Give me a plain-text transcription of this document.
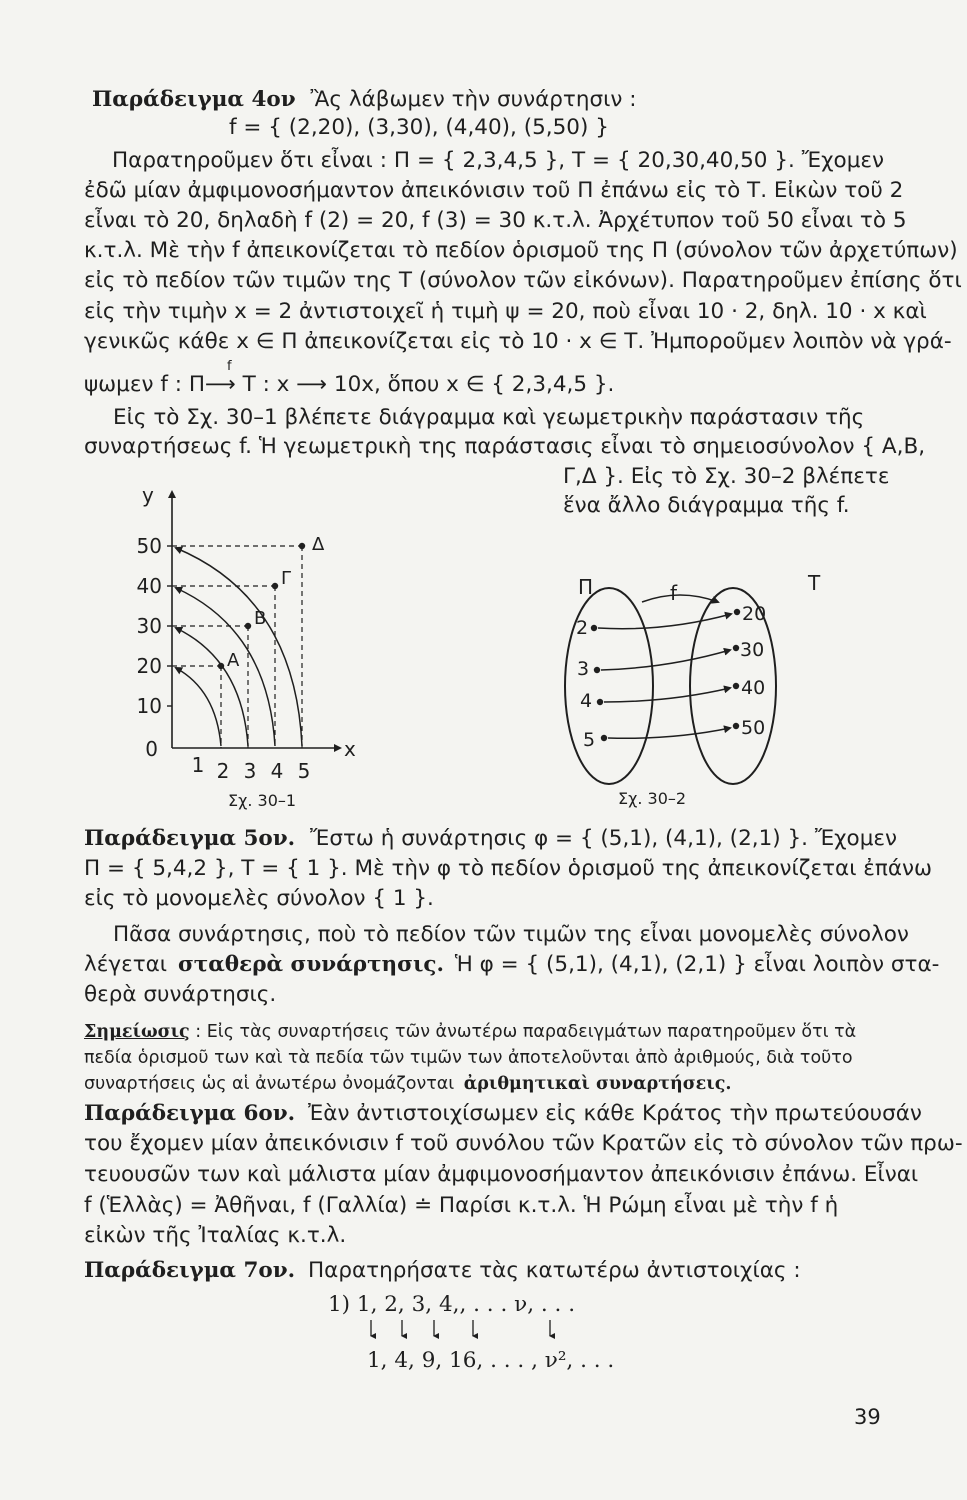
Παράδειγμα 4ον Ἂς λάβωμεν τὴν συνάρτησιν :
f = { (2,20), (3,30), (4,40), (5,50) }
Παρατηροῦμεν ὅτι εἶναι : Π = { 2,3,4,5 }, Τ = { 20,30,40,50 }. Ἔχομεν
ἐδῶ μίαν ἀμφιμονοσήμαντον ἀπεικόνισιν τοῦ Π ἐπάνω εἰς τὸ Τ. Εἰκὼν τοῦ 2
εἶναι τὸ 20, δηλαδὴ f (2) = 20, f (3) = 30 κ.τ.λ. Ἀρχέτυπον τοῦ 50 εἶναι τὸ 5
κ.τ.λ. Μὲ τὴν f ἀπεικονίζεται τὸ πεδίον ὁρισμοῦ της Π (σύνολον τῶν ἀρχετύπων)
εἰς τὸ πεδίον τῶν τιμῶν της Τ (σύνολον τῶν εἰκόνων). Παρατηροῦμεν ἐπίσης ὅτι
εἰς τὴν τιμὴν x = 2 ἀντιστοιχεῖ ἡ τιμὴ ψ = 20, ποὺ εἶναι 10 · 2, δηλ. 10 · x καὶ
γενικῶς κάθε x ∈ Π ἀπεικονίζεται εἰς τὸ 10 · x ∈ Τ. Ἠμποροῦμεν λοιπὸν νὰ γρά-
ψωμεν f : Π⟶ Τ : x ⟶ 10x, ὅπου x ∈ { 2,3,4,5 }.
f
Εἰς τὸ Σχ. 30–1 βλέπετε διάγραμμα καὶ γεωμετρικὴν παράστασιν τῆς
συναρτήσεως f. Ἡ γεωμετρικὴ της παράστασις εἶναι τὸ σημειοσύνολον { Α,Β,
Γ,Δ }. Εἰς τὸ Σχ. 30–2 βλέπετε
ἕνα ἄλλο διάγραμμα τῆς f.
y
x
50
40
30
20
10
0
1 2 3 4 5
Α
Β
Γ
Δ
Σχ. 30–1
Π	Τ
f
2
3
4
5
20
30
40
50
Σχ. 30–2
Παράδειγμα 5ον. Ἔστω ἡ συνάρτησις φ = { (5,1), (4,1), (2,1) }. Ἔχομεν
Π = { 5,4,2 }, Τ = { 1 }. Μὲ τὴν φ τὸ πεδίον ὁρισμοῦ της ἀπεικονίζεται ἐπάνω
εἰς τὸ μονομελὲς σύνολον { 1 }.
Πᾶσα συνάρτησις, ποὺ τὸ πεδίον τῶν τιμῶν της εἶναι μονομελὲς σύνολον
λέγεται σταθερὰ συνάρτησις. Ἡ φ = { (5,1), (4,1), (2,1) } εἶναι λοιπὸν στα-
θερὰ συνάρτησις.
Σημείωσις : Εἰς τὰς συναρτήσεις τῶν ἀνωτέρω παραδειγμάτων παρατηροῦμεν ὅτι τὰ
πεδία ὁρισμοῦ των καὶ τὰ πεδία τῶν τιμῶν των ἀποτελοῦνται ἀπὸ ἀριθμούς, διὰ τοῦτο
συναρτήσεις ὡς αἱ ἀνωτέρω ὀνομάζονται ἀριθμητικαὶ συναρτήσεις.
Παράδειγμα 6ον. Ἐὰν ἀντιστοιχίσωμεν εἰς κάθε Κράτος τὴν πρωτεύουσάν
του ἔχομεν μίαν ἀπεικόνισιν f τοῦ συνόλου τῶν Κρατῶν εἰς τὸ σύνολον τῶν πρω-
τευουσῶν των καὶ μάλιστα μίαν ἀμφιμονοσήμαντον ἀπεικόνισιν ἐπάνω. Εἶναι
f (Ἑλλὰς) = Ἀθῆναι, f (Γαλλία) ≐ Παρίσι κ.τ.λ. Ἡ Ρώμη εἶναι μὲ τὴν f ἡ
εἰκὼν τῆς Ἰταλίας κ.τ.λ.
Παράδειγμα 7ον. Παρατηρήσατε τὰς κατωτέρω ἀντιστοιχίας :
1) 1, 2, 3, 4,, . . . ν, . . .
1, 4, 9, 16, . . . , ν², . . .
39
